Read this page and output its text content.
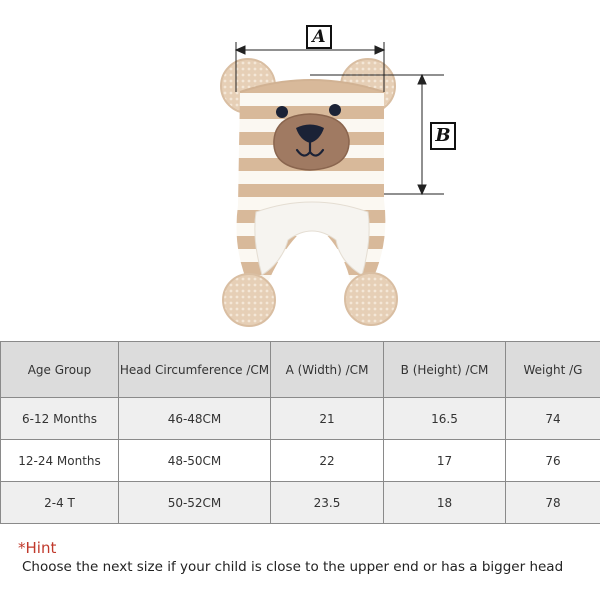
A
B
Age Group	Head Circumference /CM	A (Width) /CM	B (Height) /CM	Weight /G
6-12 Months	46-48CM	21	16.5	74
12-24 Months	48-50CM	22	17	76
2-4 T	50-52CM	23.5	18	78

*Hint

Choose the next size if your child is close to the upper end or has a bigger head
